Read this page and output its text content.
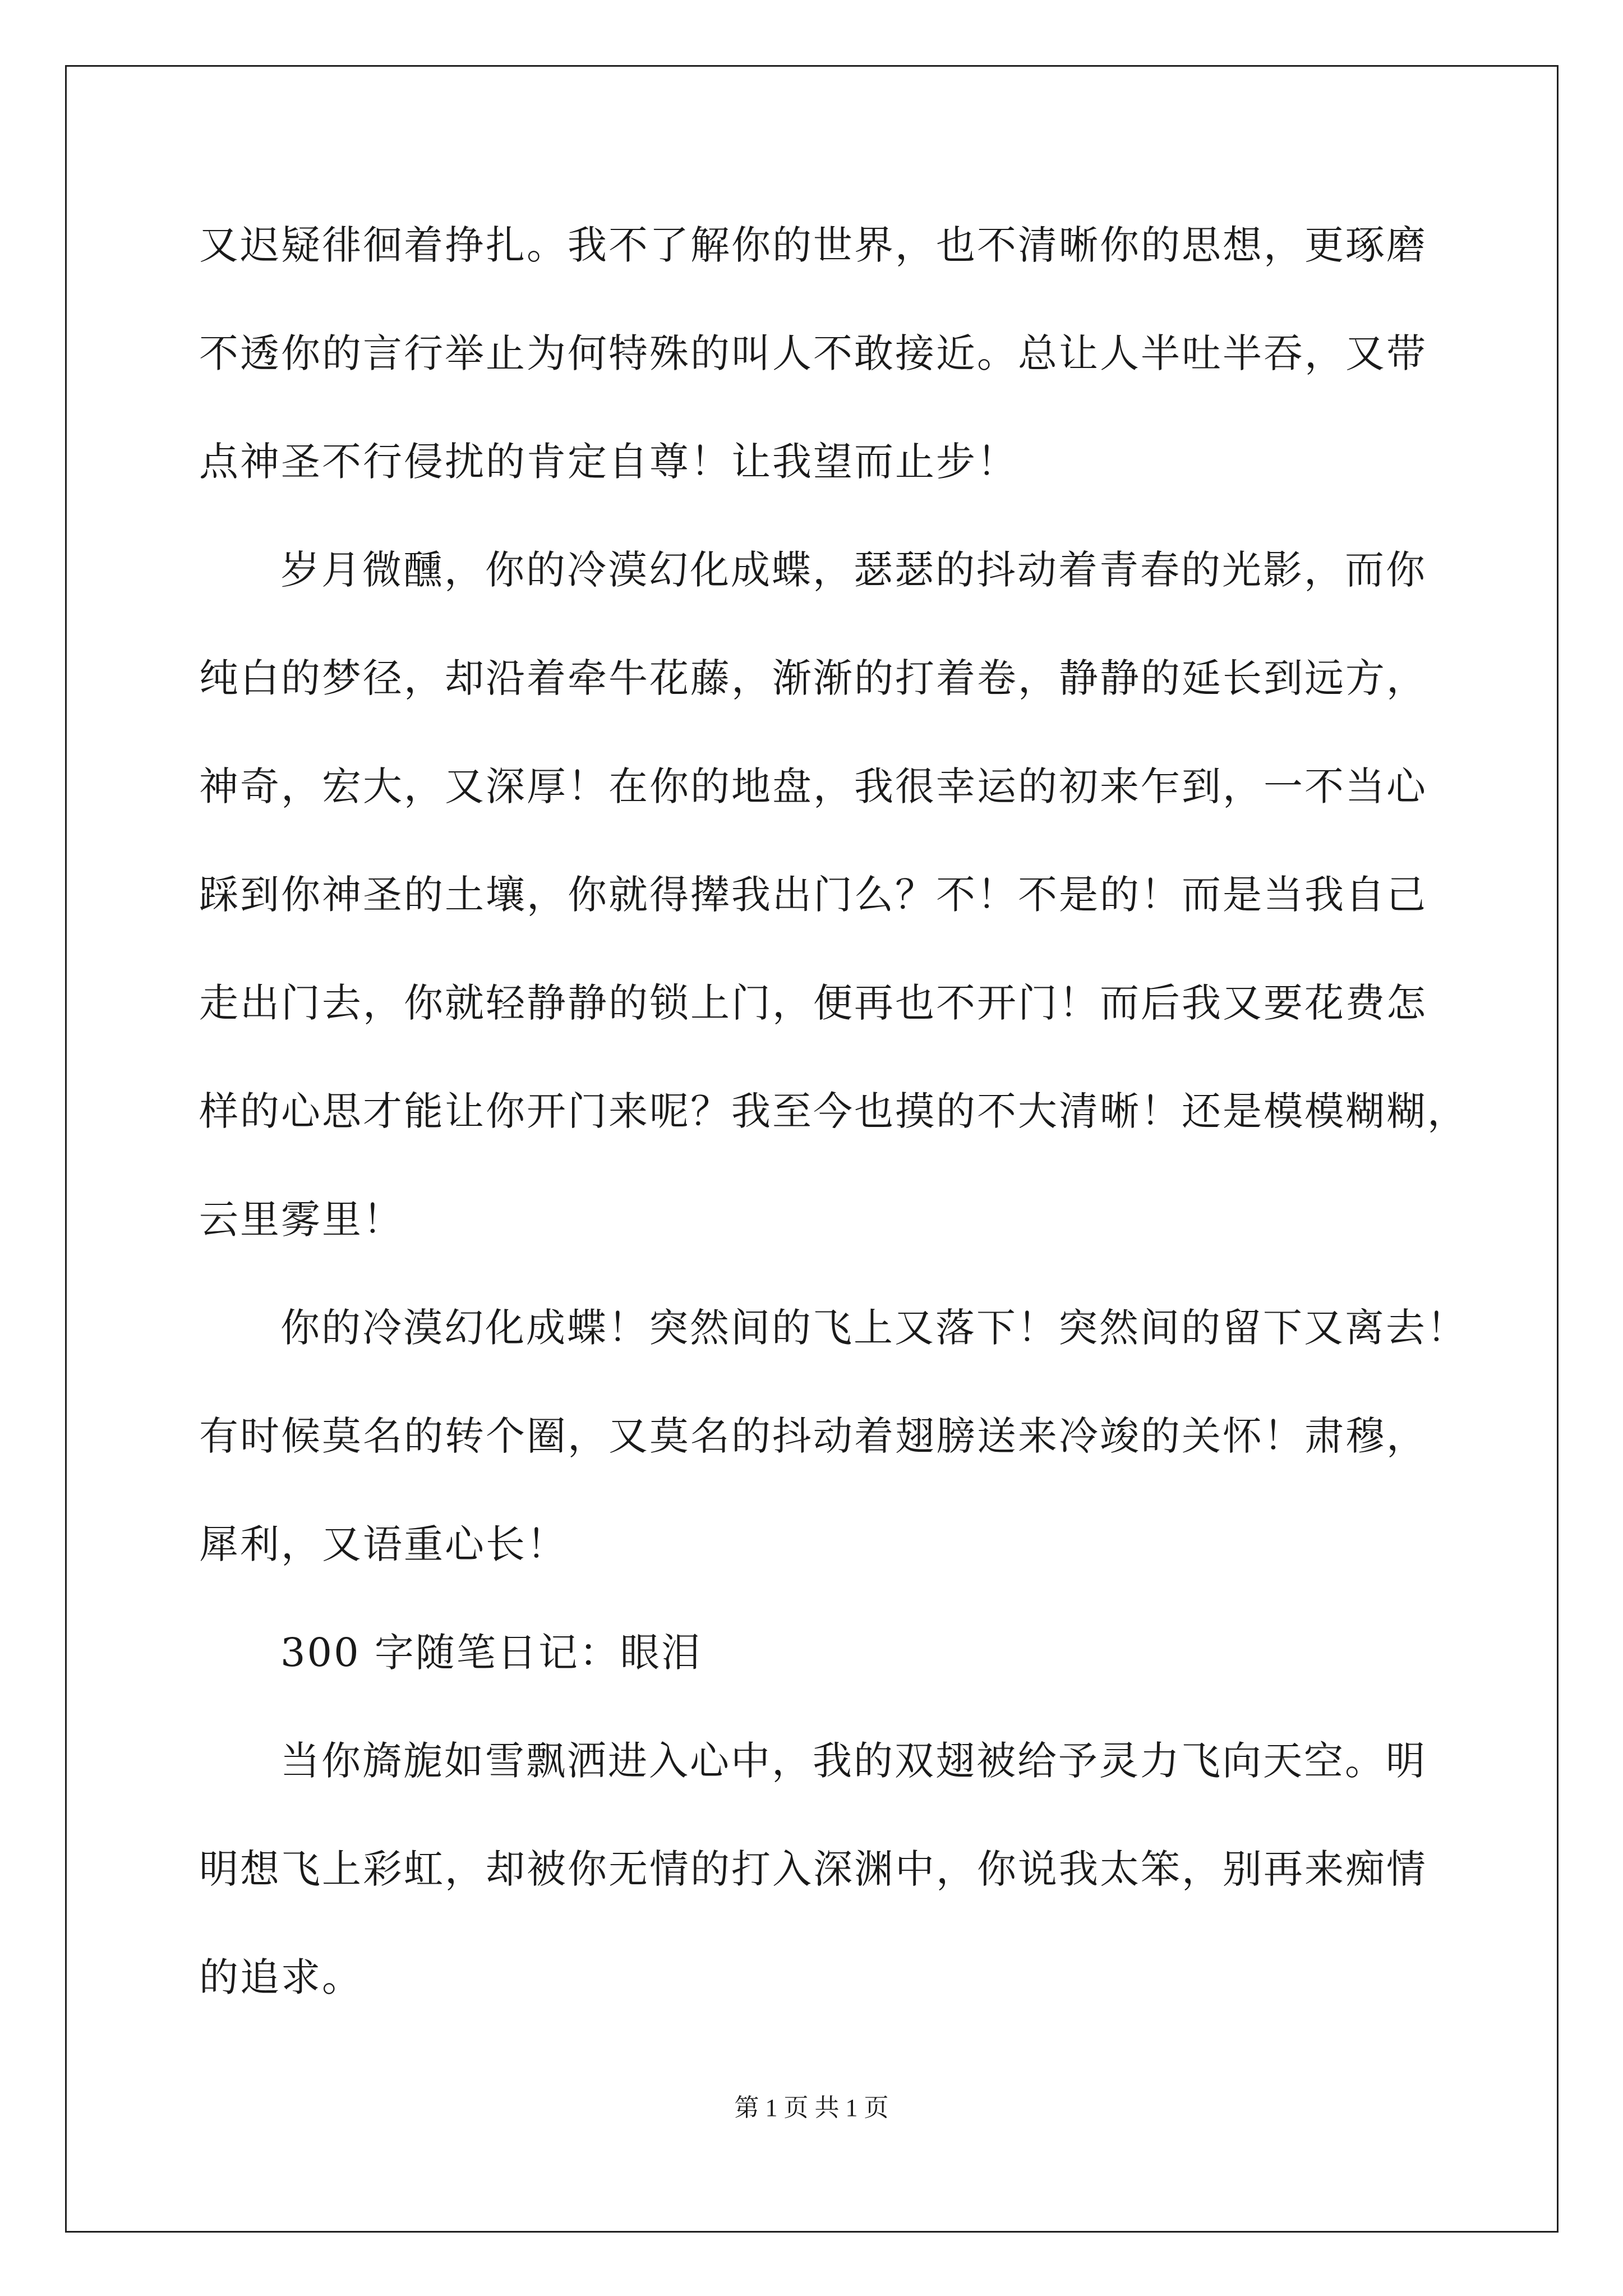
又迟疑徘徊着挣扎。我不了解你的世界，也不清晰你的思想，更琢磨
不透你的言行举止为何特殊的叫人不敢接近。总让人半吐半吞，又带
点神圣不行侵扰的肯定自尊！让我望而止步！
岁月微醺，你的冷漠幻化成蝶，瑟瑟的抖动着青春的光影，而你
纯白的梦径，却沿着牵牛花藤，渐渐的打着卷，静静的延长到远方，
神奇，宏大，又深厚！在你的地盘，我很幸运的初来乍到，一不当心
踩到你神圣的土壤，你就得撵我出门么？不！不是的！而是当我自己
走出门去，你就轻静静的锁上门，便再也不开门！而后我又要花费怎
样的心思才能让你开门来呢？我至今也摸的不大清晰！还是模模糊糊，
云里雾里！
你的冷漠幻化成蝶！突然间的飞上又落下！突然间的留下又离去！
有时候莫名的转个圈，又莫名的抖动着翅膀送来冷竣的关怀！肃穆，
犀利，又语重心长！
300 字随笔日记：眼泪
当你旖旎如雪飘洒进入心中，我的双翅被给予灵力飞向天空。明
明想飞上彩虹，却被你无情的打入深渊中，你说我太笨，别再来痴情
的追求。
第 1 页 共 1 页
